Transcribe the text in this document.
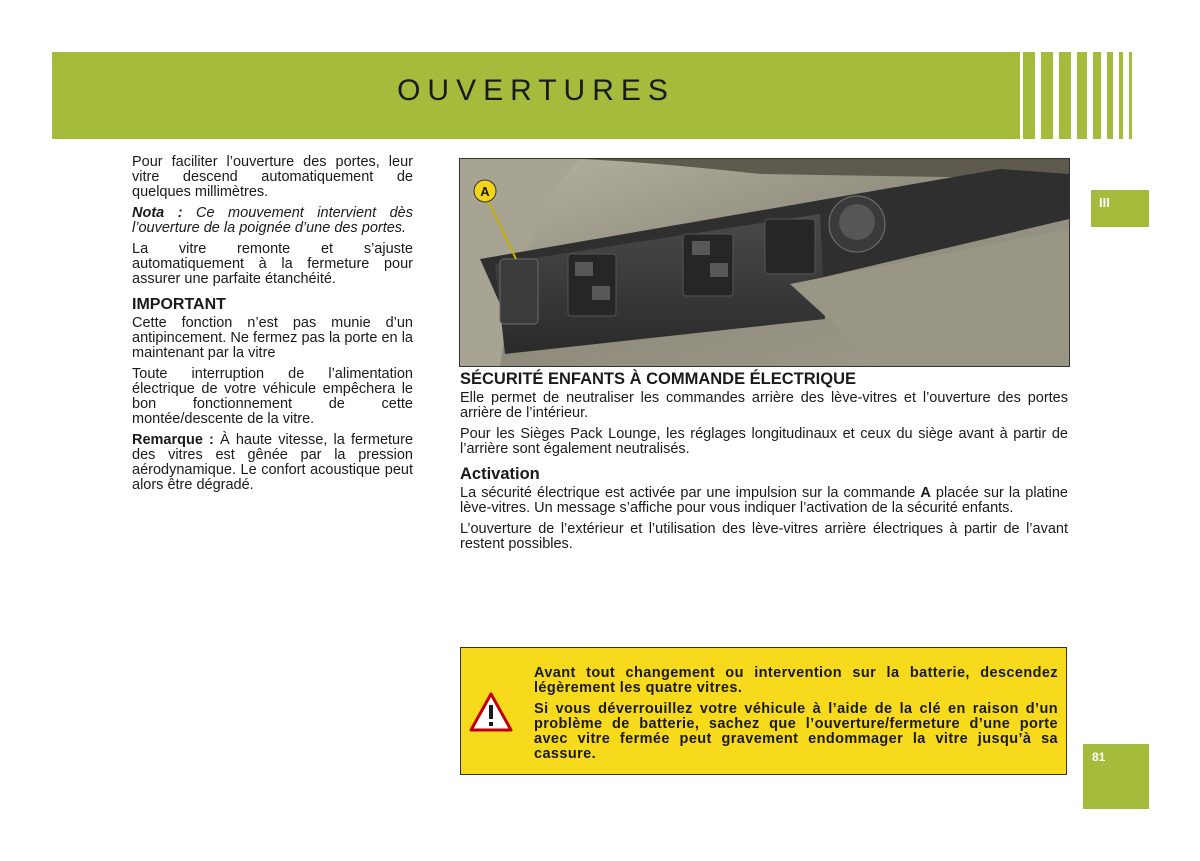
OUVERTURES
III

Pour faciliter l’ouverture des portes, leur vitre descend automatiquement de quelques millimètres.

Nota : Ce mouvement intervient dès l’ouverture de la poignée d’une des portes.

La vitre remonte et s’ajuste automatiquement à la fermeture pour assurer une parfaite étanchéité.

IMPORTANT

Cette fonction n’est pas munie d’un antipincement. Ne fermez pas la porte en la maintenant par la vitre

Toute interruption de l’alimentation électrique de votre véhicule empêchera le bon fonctionnement de cette montée/descente de la vitre.

Remarque : À haute vitesse, la fermeture des vitres est gênée par la pression aérodynamique. Le confort acoustique peut alors être dégradé.

A
SÉCURITÉ ENFANTS À COMMANDE ÉLECTRIQUE

Elle permet de neutraliser les commandes arrière des lève-vitres et l’ouverture des portes arrière de l’intérieur.

Pour les Sièges Pack Lounge, les réglages longitudinaux et ceux du siège avant à partir de l’arrière sont également neutralisés.

Activation

La sécurité électrique est activée par une impulsion sur la commande A placée sur la platine lève-vitres. Un message s’affiche pour vous indiquer l’activation de la sécurité enfants.

L’ouverture de l’extérieur et l’utilisation des lève-vitres arrière électriques à partir de l’avant restent possibles.

Avant tout changement ou intervention sur la batterie, descendez légèrement les quatre vitres.

Si vous déverrouillez votre véhicule à l’aide de la clé en raison d’un problème de batterie, sachez que l’ouverture/fermeture d’une porte avec vitre fermée peut gravement endommager la vitre jusqu’à sa cassure.	81
